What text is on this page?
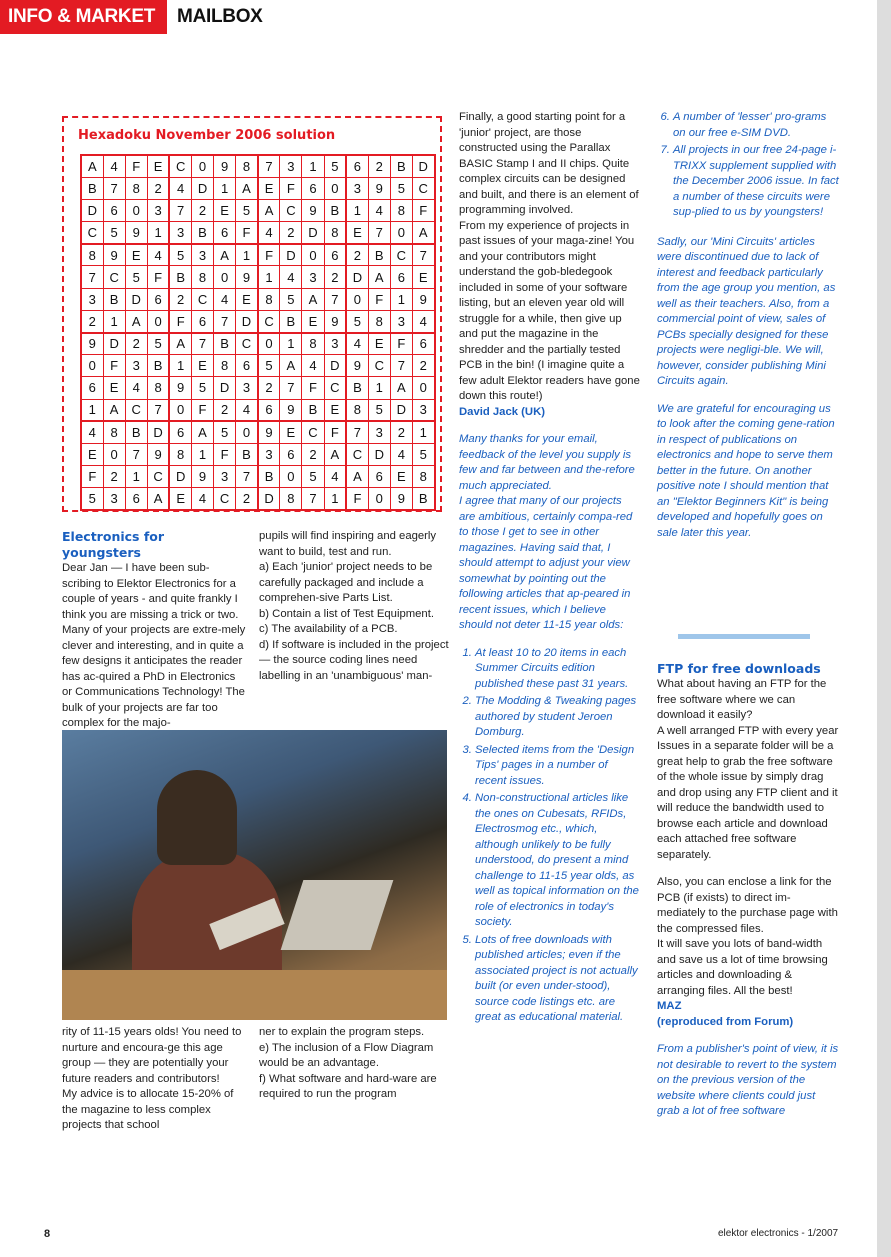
INFO & MARKET	MAILBOX
Hexadoku November 2006 solution
A	4	F	E	C	0	9	8	7	3	1	5	6	2	B	D
B	7	8	2	4	D	1	A	E	F	6	0	3	9	5	C
D	6	0	3	7	2	E	5	A	C	9	B	1	4	8	F
C	5	9	1	3	B	6	F	4	2	D	8	E	7	0	A
8	9	E	4	5	3	A	1	F	D	0	6	2	B	C	7
7	C	5	F	B	8	0	9	1	4	3	2	D	A	6	E
3	B	D	6	2	C	4	E	8	5	A	7	0	F	1	9
2	1	A	0	F	6	7	D	C	B	E	9	5	8	3	4
9	D	2	5	A	7	B	C	0	1	8	3	4	E	F	6
0	F	3	B	1	E	8	6	5	A	4	D	9	C	7	2
6	E	4	8	9	5	D	3	2	7	F	C	B	1	A	0
1	A	C	7	0	F	2	4	6	9	B	E	8	5	D	3
4	8	B	D	6	A	5	0	9	E	C	F	7	3	2	1
E	0	7	9	8	1	F	B	3	6	2	A	C	D	4	5
F	2	1	C	D	9	3	7	B	0	5	4	A	6	E	8
5	3	6	A	E	4	C	2	D	8	7	1	F	0	9	B
Electronics for youngsters

Dear Jan — I have been sub-scribing to Elektor Electronics for a couple of years - and quite frankly I think you are missing a trick or two. Many of your projects are extre-mely clever and interesting, and in quite a few designs it anticipates the reader has ac-quired a PhD in Electronics or Communications Technology! The bulk of your projects are far too complex for the majo-

pupils will find inspiring and eagerly want to build, test and run.

a) Each 'junior' project needs to be carefully packaged and include a comprehen-sive Parts List.

b) Contain a list of Test Equipment.

c) The availability of a PCB.

d) If software is included in the project — the source coding lines need labelling in an 'unambiguous' man-

rity of 11-15 years olds! You need to nurture and encoura-ge this age group — they are potentially your future readers and contributors!

My advice is to allocate 15-20% of the magazine to less complex projects that school

ner to explain the program steps.

e) The inclusion of a Flow Diagram would be an advantage.

f) What software and hard-ware are required to run the program

Finally, a good starting point for a 'junior' project, are those constructed using the Parallax BASIC Stamp I and II chips. Quite complex circuits can be designed and built, and there is an element of programming involved.

From my experience of projects in past issues of your maga-zine! You and your contributors might understand the gob-bledegook included in some of your software listing, but an eleven year old will struggle for a while, then give up and put the magazine in the shredder and the partially tested PCB in the bin! (I imagine quite a few adult Elektor readers have gone down this route!)

David Jack (UK)

Many thanks for your email, feedback of the level you supply is few and far between and the-refore much appreciated.

I agree that many of our projects are ambitious, certainly compa-red to those I get to see in other magazines. Having said that, I should attempt to adjust your view somewhat by pointing out the following articles that ap-peared in recent issues, which I believe should not deter 11-15 year olds:

1. At least 10 to 20 items in each Summer Circuits edition published these past 31 years.
2. The Modding & Tweaking pages authored by student Jeroen Domburg.
3. Selected items from the 'Design Tips' pages in a number of recent issues.
4. Non-constructional articles like the ones on Cubesats, RFIDs, Electrosmog etc., which, although unlikely to be fully understood, do present a mind challenge to 11-15 year olds, as well as topical information on the role of electronics in today's society.
5. Lots of free downloads with published articles; even if the associated project is not actually built (or even under-stood), source code listings etc. are great as educational material.
6. A number of 'lesser' pro-grams on our free e-SIM DVD.
7. All projects in our free 24-page i-TRIXX supplement supplied with the December 2006 issue. In fact a number of these circuits were sup-plied to us by youngsters!

Sadly, our 'Mini Circuits' articles were discontinued due to lack of interest and feedback particularly from the age group you mention, as well as their teachers. Also, from a commercial point of view, sales of PCBs specially designed for these projects were negligi-ble. We will, however, consider publishing Mini Circuits again.

We are grateful for encouraging us to look after the coming gene-ration in respect of publications on electronics and hope to serve them better in the future. On another positive note I should mention that an "Elektor Beginners Kit" is being developed and hopefully goes on sale later this year.

FTP for free downloads

What about having an FTP for the free software where we can download it easily?

A well arranged FTP with every year Issues in a separate folder will be a great help to grab the free software of the whole issue by simply drag and drop using any FTP client and it will reduce the bandwidth used to browse each article and download each attached free software separately.

Also, you can enclose a link for the PCB (if exists) to direct im-mediately to the purchase page with the compressed files.

It will save you lots of band-width and save us a lot of time browsing articles and downloading & arranging files. All the best!

MAZ

(reproduced from Forum)

From a publisher's point of view, it is not desirable to revert to the system on the previous version of the website where clients could just grab a lot of free software

8	elektor electronics - 1/2007
